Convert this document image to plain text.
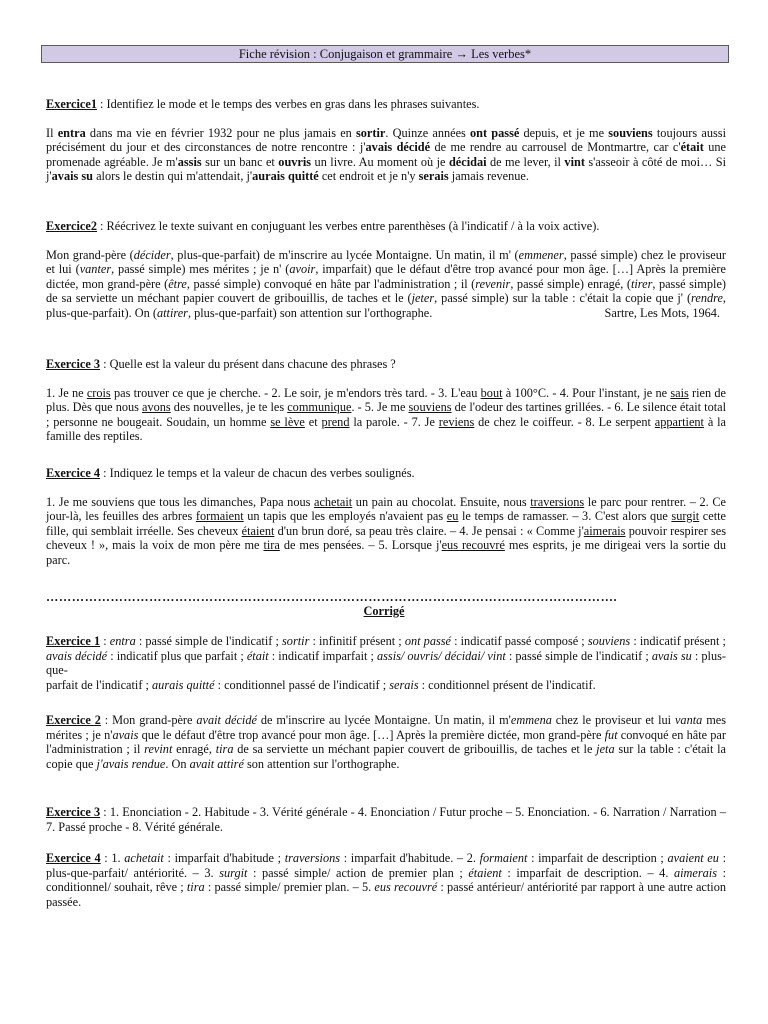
Fiche révision : Conjugaison et grammaire → Les verbes*

Exercice1 : Identifiez le mode et le temps des verbes en gras dans les phrases suivantes.

Il entra dans ma vie en février 1932 pour ne plus jamais en sortir. Quinze années ont passé depuis, et je me souviens toujours aussi précisément du jour et des circonstances de notre rencontre : j'avais décidé de me rendre au carrousel de Montmartre, car c'était une promenade agréable. Je m'assis sur un banc et ouvris un livre. Au moment où je décidai de me lever, il vint s'asseoir à côté de moi… Si j'avais su alors le destin qui m'attendait, j'aurais quitté cet endroit et je n'y serais jamais revenue.

Exercice2 : Réécrivez le texte suivant en conjuguant les verbes entre parenthèses (à l'indicatif / à la voix active).

Mon grand-père (décider, plus-que-parfait) de m'inscrire au lycée Montaigne. Un matin, il m' (emmener, passé simple) chez le proviseur et lui (vanter, passé simple) mes mérites ; je n' (avoir, imparfait) que le défaut d'être trop avancé pour mon âge. […] Après la première dictée, mon grand-père (être, passé simple) convoqué en hâte par l'administration ; il (revenir, passé simple) enragé, (tirer, passé simple) de sa serviette un méchant papier couvert de gribouillis, de taches et le (jeter, passé simple) sur la table : c'était la copie que j' (rendre, plus-que-parfait). On (attirer, plus-que-parfait) son attention sur l'orthographe.	Sartre, Les Mots, 1964.

Exercice 3 : Quelle est la valeur du présent dans chacune des phrases ?

1. Je ne crois pas trouver ce que je cherche. - 2. Le soir, je m'endors très tard. - 3. L'eau bout à 100°C. - 4. Pour l'instant, je ne sais rien de plus. Dès que nous avons des nouvelles, je te les communique. - 5. Je me souviens de l'odeur des tartines grillées. - 6. Le silence était total ; personne ne bougeait. Soudain, un homme se lève et prend la parole. - 7. Je reviens de chez le coiffeur. - 8. Le serpent appartient à la famille des reptiles.

Exercice 4 : Indiquez le temps et la valeur de chacun des verbes soulignés.

1. Je me souviens que tous les dimanches, Papa nous achetait un pain au chocolat. Ensuite, nous traversions le parc pour rentrer. – 2. Ce jour-là, les feuilles des arbres formaient un tapis que les employés n'avaient pas eu le temps de ramasser. – 3. C'est alors que surgit cette fille, qui semblait irréelle. Ses cheveux étaient d'un brun doré, sa peau très claire. – 4. Je pensai : « Comme j'aimerais pouvoir respirer ses cheveux ! », mais la voix de mon père me tira de mes pensées. – 5. Lorsque j'eus recouvré mes esprits, je me dirigeai vers la sortie du parc.

…………………………………………………………………………………………………………………….
Corrigé

Exercice 1 : entra : passé simple de l'indicatif ; sortir : infinitif présent ; ont passé : indicatif passé composé ; souviens : indicatif présent ; avais décidé : indicatif plus que parfait ; était : indicatif imparfait ; assis/ ouvris/ décidai/ vint : passé simple de l'indicatif ; avais su : plus-que-

parfait de l'indicatif ; aurais quitté : conditionnel passé de l'indicatif ; serais : conditionnel présent de l'indicatif.

Exercice 2 : Mon grand-père avait décidé de m'inscrire au lycée Montaigne. Un matin, il m'emmena chez le proviseur et lui vanta mes mérites ; je n'avais que le défaut d'être trop avancé pour mon âge. […] Après la première dictée, mon grand-père fut convoqué en hâte par l'administration ; il revint enragé, tira de sa serviette un méchant papier couvert de gribouillis, de taches et le jeta sur la table : c'était la copie que j'avais rendue. On avait attiré son attention sur l'orthographe.

Exercice 3 : 1. Enonciation - 2. Habitude - 3. Vérité générale - 4. Enonciation / Futur proche – 5. Enonciation. - 6. Narration / Narration – 7. Passé proche - 8. Vérité générale.

Exercice 4 : 1. achetait : imparfait d'habitude ; traversions : imparfait d'habitude. – 2. formaient : imparfait de description ; avaient eu : plus-que-parfait/ antériorité. – 3. surgit : passé simple/ action de premier plan ; étaient : imparfait de description. – 4. aimerais : conditionnel/ souhait, rêve ; tira : passé simple/ premier plan. – 5. eus recouvré : passé antérieur/ antériorité par rapport à une autre action passée.
